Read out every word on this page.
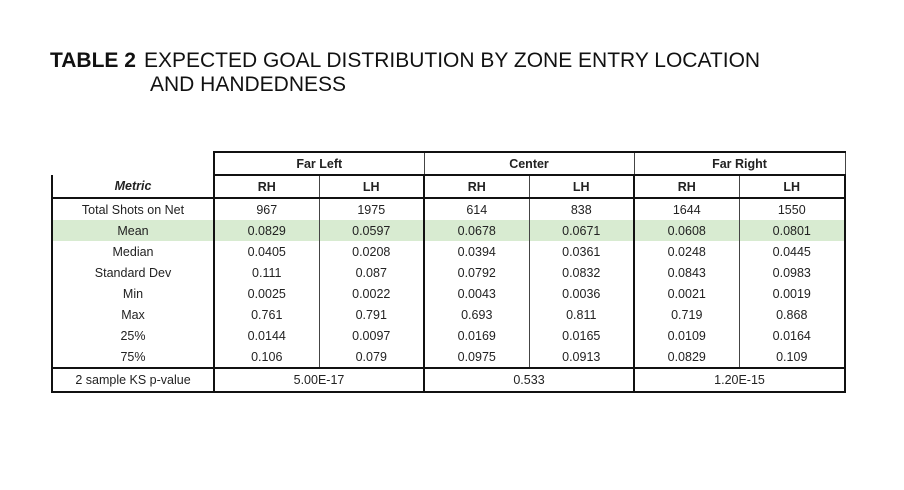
TABLE 2 EXPECTED GOAL DISTRIBUTION BY ZONE ENTRY LOCATION
AND HANDEDNESS
	Far Left		Center		Far Right	
Metric	RH	LH	RH	LH	RH	LH
Total Shots on Net	967	1975	614	838	1644	1550
Mean	0.0829	0.0597	0.0678	0.0671	0.0608	0.0801
Median	0.0405	0.0208	0.0394	0.0361	0.0248	0.0445
Standard Dev	0.111	0.087	0.0792	0.0832	0.0843	0.0983
Min	0.0025	0.0022	0.0043	0.0036	0.0021	0.0019
Max	0.761	0.791	0.693	0.811	0.719	0.868
25%	0.0144	0.0097	0.0169	0.0165	0.0109	0.0164
75%	0.106	0.079	0.0975	0.0913	0.0829	0.109
2 sample KS p-value	5.00E-17		0.533		1.20E-15	
